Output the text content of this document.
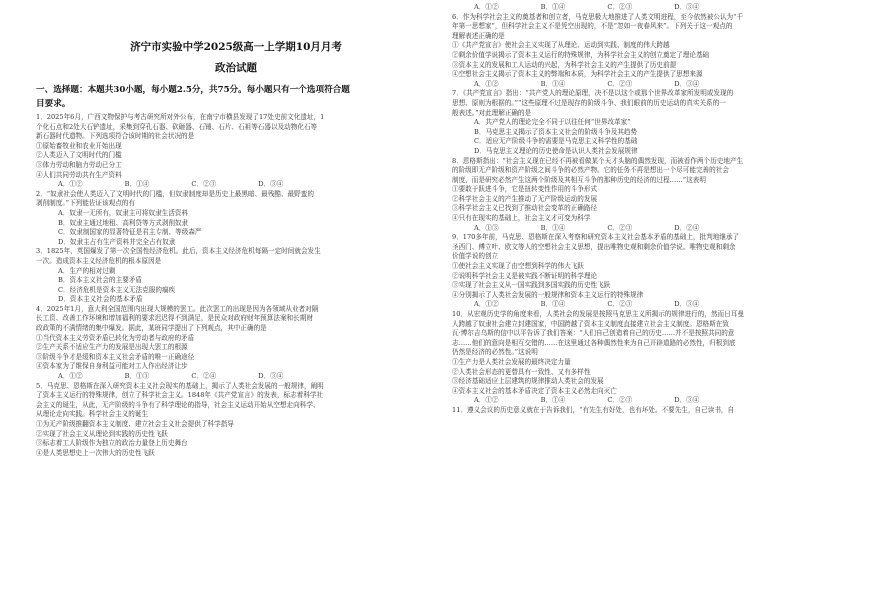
济宁市实验中学2025级高一上学期10月月考
政治试题
一、选择题：本题共30小题，每小题2.5分，共75分。每小题只有一个选项符合题
目要求。
1．2025年6月，广西文物保护与考古研究所对外公布，在南宁市横县发现了17处史前文化遗址，1
个化石点和2处大石铲遗址，采集到穿孔石器、砍砸器、石锤、石片、石祖等石器以及动物化石等
新石器时代遗物。下列选项符合该时期的社会状况的是
①原始畜牧业和农业开始出现
②人类迈入了文明时代的门槛
③体力劳动和脑力劳动已分工
④人们共同劳动共有生产资料
A．①② B．①④ C．②③ D．③④
2．“奴隶社会使人类迈入了文明时代的门槛，但奴隶制度却是历史上最黑暗、最残酷、最野蛮的
剥削制度。”下列能佐证该观点的有
A．奴隶一无所有，奴隶主可将奴隶生活资料
B．奴隶主通过地租、高利贷等方式剥削奴隶
C．奴隶制国家的显著特征是君主专制、等级森严
D．奴隶主占有生产资料并完全占有奴隶
3．1825年，英国爆发了第一次全国性经济危机。此后，资本主义经济危机每隔一定时间就会发生
一次。造成资本主义经济危机的根本原因是
A．生产的相对过剩
B．资本主义社会的主要矛盾
C．经济危机是资本主义无法克服的痼疾
D．资本主义社会的基本矛盾
4．2025年1月，意大利全国范围内出现大规模的罢工。此次罢工的出现是因为各领域从业者对隔
长工资、改善工作环境和增加福利的要求迟迟得不到满足，是民众对政府财年预算法案和长期财
政政策的不满情绪的集中爆发。据此，某班同学提出了下列观点，其中正确的是
①当代资本主义劳资矛盾已转化为劳动者与政府的矛盾
②生产关系不适应生产力的发展是出现大罢工的根源
③阶级斗争才是缓和资本主义社会矛盾的唯一正确途径
④资本家为了维保自身利益可能对工人作出经济让步
A．①② B．①③ C．②④ D．③④
5．马克思、恩格斯在深入研究资本主义社会现实的基础上，揭示了人类社会发展的一般规律，阐明
了资本主义运行的特殊规律，创立了科学社会主义。1848年《共产党宣言》的发表，标志着科学社
会主义的诞生，从此，无产阶级的斗争有了科学理论的指导，社会主义运动开始从空想走向科学、
从理论走向实践。科学社会主义的诞生
①为无产阶级推翻资本主义制度、建立社会主义社会提供了科学指导
②实现了社会主义从理论到实践的历史性飞跃
③标志着工人阶级作为独立的政治力量登上历史舞台
④是人类思想史上一次伟大的历史性飞跃
A．①② B．①④ C．②③ D．③④
6．作为科学社会主义的奠基者和创立者，马克思极大地推进了人类文明进程，至今依然被公认为“千
年第一思想家”，但科学社会主义不是凭空出现的，不是“忽如一夜春风来”。下列关于这一观点的
理解表述正确的是
①《共产党宣言》使社会主义实现了从理论、运动到实践、制度的伟大跨越
②剩余价值学说揭示了资本主义运行的特殊规律，为科学社会主义的创立奠定了理论基础
③资本主义的发展和工人运动的兴起，为科学社会主义的产生提供了历史前提
④空想社会主义揭示了资本主义的弊端和本质，为科学社会主义的产生提供了思想来源
A．①② B．①④ C．②③ D．③④
7．《共产党宣言》指出：“共产党人的理论原理，决不是以这个或那个世界改革家所发明或发现的
思想、原则为根据的。”“这些原理不过是现存的阶级斗争、我们眼前的历史运动的真实关系的一
般表述。”对此理解正确的是
A．共产党人的理论完全不同于以往任何“世界改革家”
B．马克思主义揭示了资本主义社会的阶级斗争及其趋势
C．适应无产阶级斗争的需要是马克思主义科学性的基础
D．马克思主义理论的历史使命是认识人类社会发展规律
8．恩格斯指出：“社会主义现在已经不再被看做某个天才头脑的偶然发现，而被看作两个历史地产生
的阶级即无产阶级和资产阶级之间斗争的必然产物。它的任务不再是想出一个尽可能完善的社会
制度，而是研究必然产生这两个阶级及其相互斗争的那种历史的经济的过程……”这表明
①要敢于跃进斗争，它是扭转变性作用的斗争形式
②科学社会主义的产生推动了无产阶级运动的发展
③科学社会主义已找到了推动社会变革的正确路径
④只有在现实的基础上，社会主义才可变为科学
A．①③ B．①④ C．②③ D．②④
9．170多年前，马克思、恩格斯在深入考察和研究资本主义社会基本矛盾的基础上，批判地继承了
圣西门、傅立叶、欧文等人的空想社会主义思想，提出唯物史观和剩余价值学说。唯物史观和剩余
价值学说的创立
①使社会主义实现了由空想到科学的伟大飞跃
②说明科学社会主义是被实践不断证明的科学理论
③实现了社会主义从一国实践到多国实践的历史性飞跃
④分别揭示了人类社会发展的一般规律和资本主义运行的特殊规律
A．①② B．①④ C．②③ D．③④
10．从宏观历史学的角度来看，人类社会的发展是按照马克思主义所揭示的规律进行的，然而日耳曼
人跨越了奴隶社会建立封建国家，中国跨越了资本主义制度直接建立社会主义制度。恩格斯在致
瓦·博尔吉乌斯的信中以平告诉了我们答案：“人们自己创造着自己的历史……并不是按照共同的意
志……他们的意向是相互交错的……在这里通过各种偶然性来为自己开辟道路的必然性，归根到底
仍然是经济的必然性。”这说明
①生产力是人类社会发展的最终决定力量
②人类社会形态的更替具有一致性、又有多样性
③经济基础适应上层建筑的规律推动人类社会的发展
④资本主义社会的基本矛盾决定了资本主义必然走向灭亡
A．①② B．①④ C．②③ D．③④
11．遵义会议的历史意义就在于告诉我们，“有先生有好处，也有坏处。不要先生，自己读书，自
